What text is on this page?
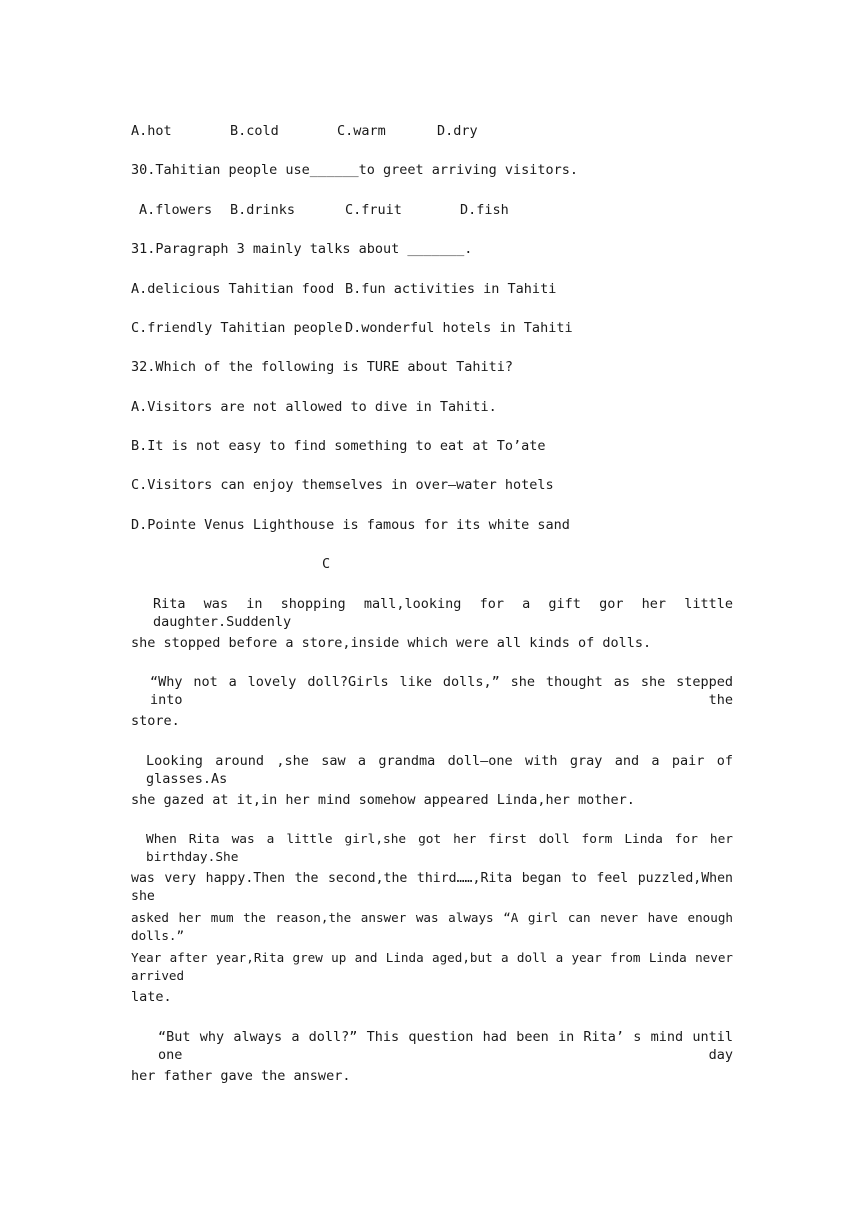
A.hot	B.cold	C.warm	D.dry
30.Tahitian people use______to greet arriving visitors.
A.flowers B.drinks	C.fruit	D.fish
31.Paragraph 3 mainly talks about _______.
A.delicious Tahitian food B.fun activities in Tahiti
C.friendly Tahitian people D.wonderful hotels in Tahiti
32.Which of the following is TURE about Tahiti?
A.Visitors are not allowed to dive in Tahiti.
B.It is not easy to find something to eat at To’ate
C.Visitors can enjoy themselves in over—water hotels
D.Pointe Venus Lighthouse is famous for its white sand
C
Rita was in shopping mall,looking for a gift gor her little daughter.Suddenly
she stopped before a store,inside which were all kinds of dolls.
“Why not a lovely doll?Girls like dolls,” she thought as she stepped into the
store.
Looking around ,she saw a grandma doll—one with gray and a pair of glasses.As
she gazed at it,in her mind somehow appeared Linda,her mother.
When Rita was a little girl,she got her first doll form Linda for her birthday.She
was very happy.Then the second,the third……,Rita began to feel puzzled,When she
asked her mum the reason,the answer was always “A girl can never have enough dolls.”
Year after year,Rita grew up and Linda aged,but a doll a year from Linda never arrived
late.
“But why always a doll?” This question had been in Rita’ s mind until one day
her father gave the answer.
